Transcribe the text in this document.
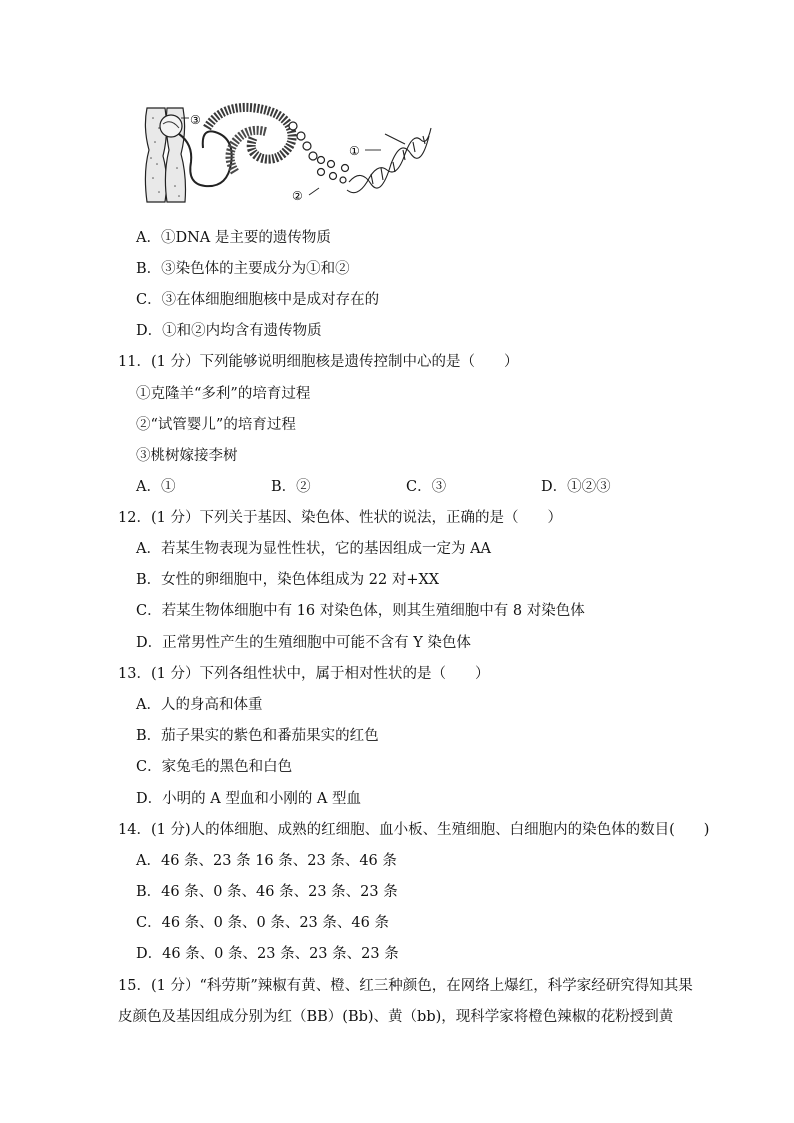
①
②
③
A．①DNA 是主要的遗传物质
B．③染色体的主要成分为①和②
C．③在体细胞细胞核中是成对存在的
D．①和②内均含有遗传物质
11．(1 分）下列能够说明细胞核是遗传控制中心的是（　　）
①克隆羊“多利”的培育过程
②“试管婴儿”的培育过程
③桃树嫁接李树
A．①	B．②	C．③	D．①②③
12．(1 分）下列关于基因、染色体、性状的说法，正确的是（　　）
A．若某生物表现为显性性状，它的基因组成一定为 AA
B．女性的卵细胞中，染色体组成为 22 对+XX
C．若某生物体细胞中有 16 对染色体，则其生殖细胞中有 8 对染色体
D．正常男性产生的生殖细胞中可能不含有 Y 染色体
13．(1 分）下列各组性状中，属于相对性状的是（　　）
A．人的身高和体重
B．茄子果实的紫色和番茄果实的红色
C．家兔毛的黑色和白色
D．小明的 A 型血和小刚的 A 型血
14．(1 分)人的体细胞、成熟的红细胞、血小板、生殖细胞、白细胞内的染色体的数目(　　)
A．46 条、23 条 16 条、23 条、46 条
B．46 条、0 条、46 条、23 条、23 条
C．46 条、0 条、0 条、23 条、46 条
D．46 条、0 条、23 条、23 条、23 条
15．(1 分）“科劳斯”辣椒有黄、橙、红三种颜色，在网络上爆红，科学家经研究得知其果
皮颜色及基因组成分别为红（BB）(Bb)、黄（bb)，现科学家将橙色辣椒的花粉授到黄
